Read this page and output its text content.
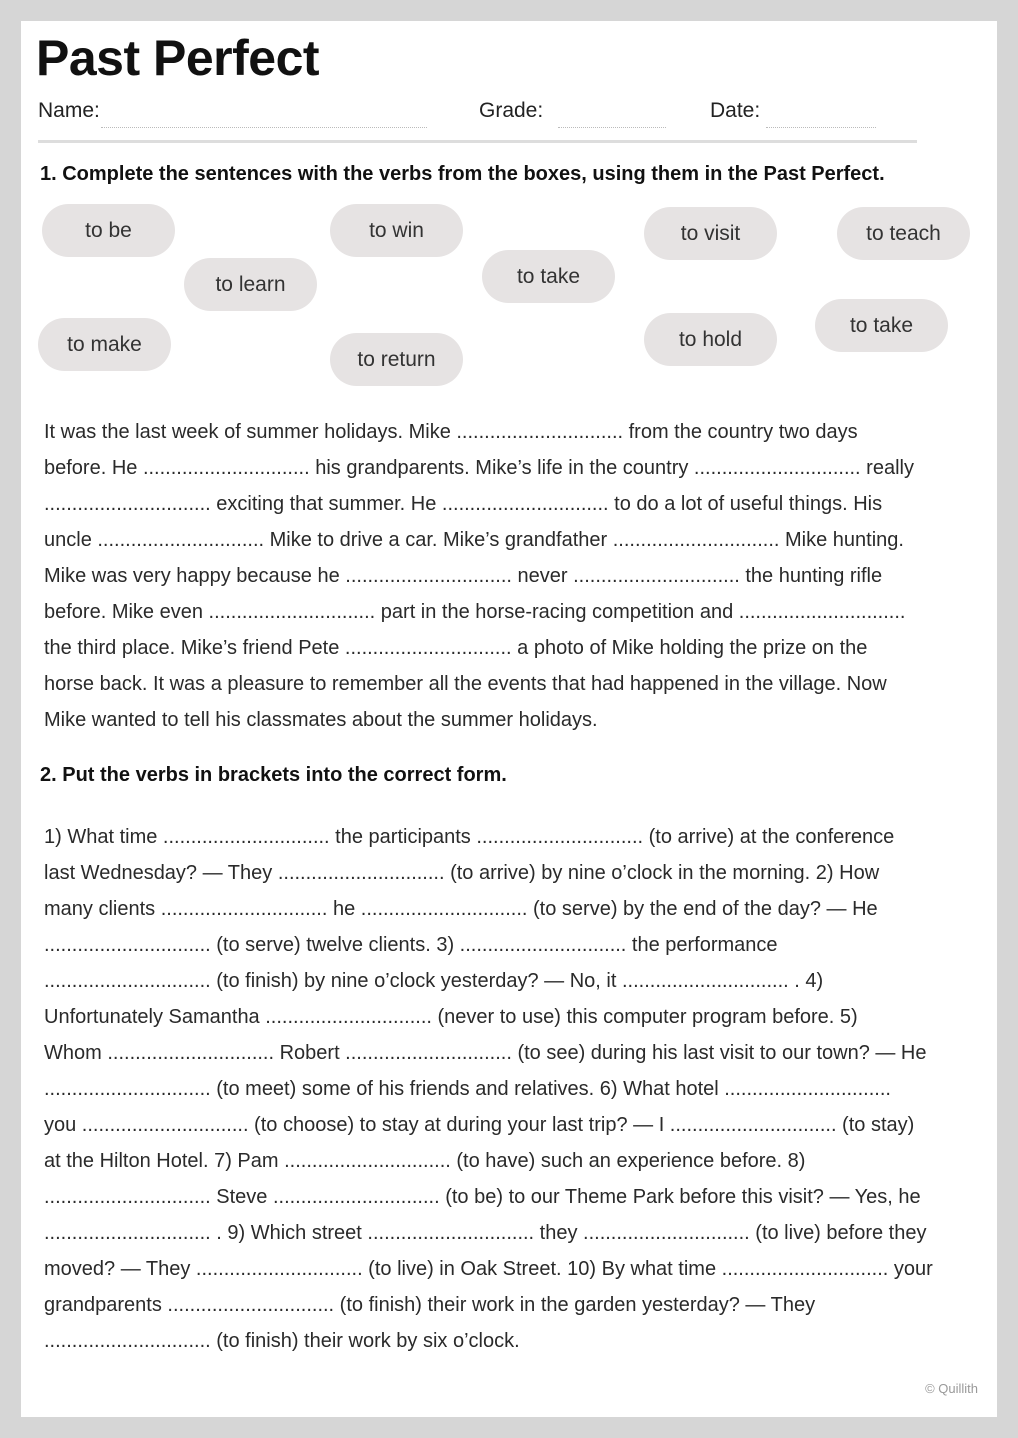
Past Perfect
Name:	Grade:	Date:
1. Complete the sentences with the verbs from the boxes, using them in the Past Perfect.
to be	to win	to visit	to teach
to learn	to take
to make
to return
to hold
to take
It was the last week of summer holidays. Mike .............................. from the country two days
before. He .............................. his grandparents. Mike’s life in the country .............................. really
.............................. exciting that summer. He .............................. to do a lot of useful things. His
uncle .............................. Mike to drive a car. Mike’s grandfather .............................. Mike hunting.
Mike was very happy because he .............................. never .............................. the hunting rifle
before. Mike even .............................. part in the horse-racing competition and ..............................
the third place. Mike’s friend Pete .............................. a photo of Mike holding the prize on the
horse back. It was a pleasure to remember all the events that had happened in the village. Now
Mike wanted to tell his classmates about the summer holidays.
2. Put the verbs in brackets into the correct form.
1) What time .............................. the participants .............................. (to arrive) at the conference
last Wednesday? — They .............................. (to arrive) by nine o’clock in the morning. 2) How
many clients .............................. he .............................. (to serve) by the end of the day? — He
.............................. (to serve) twelve clients. 3) .............................. the performance
.............................. (to finish) by nine o’clock yesterday? — No, it .............................. . 4)
Unfortunately Samantha .............................. (never to use) this computer program before. 5)
Whom .............................. Robert .............................. (to see) during his last visit to our town? — He
.............................. (to meet) some of his friends and relatives. 6) What hotel ..............................
you .............................. (to choose) to stay at during your last trip? — I .............................. (to stay)
at the Hilton Hotel. 7) Pam .............................. (to have) such an experience before. 8)
.............................. Steve .............................. (to be) to our Theme Park before this visit? — Yes, he
.............................. . 9) Which street .............................. they .............................. (to live) before they
moved? — They .............................. (to live) in Oak Street. 10) By what time .............................. your
grandparents .............................. (to finish) their work in the garden yesterday? — They
.............................. (to finish) their work by six o’clock.
© Quillith
